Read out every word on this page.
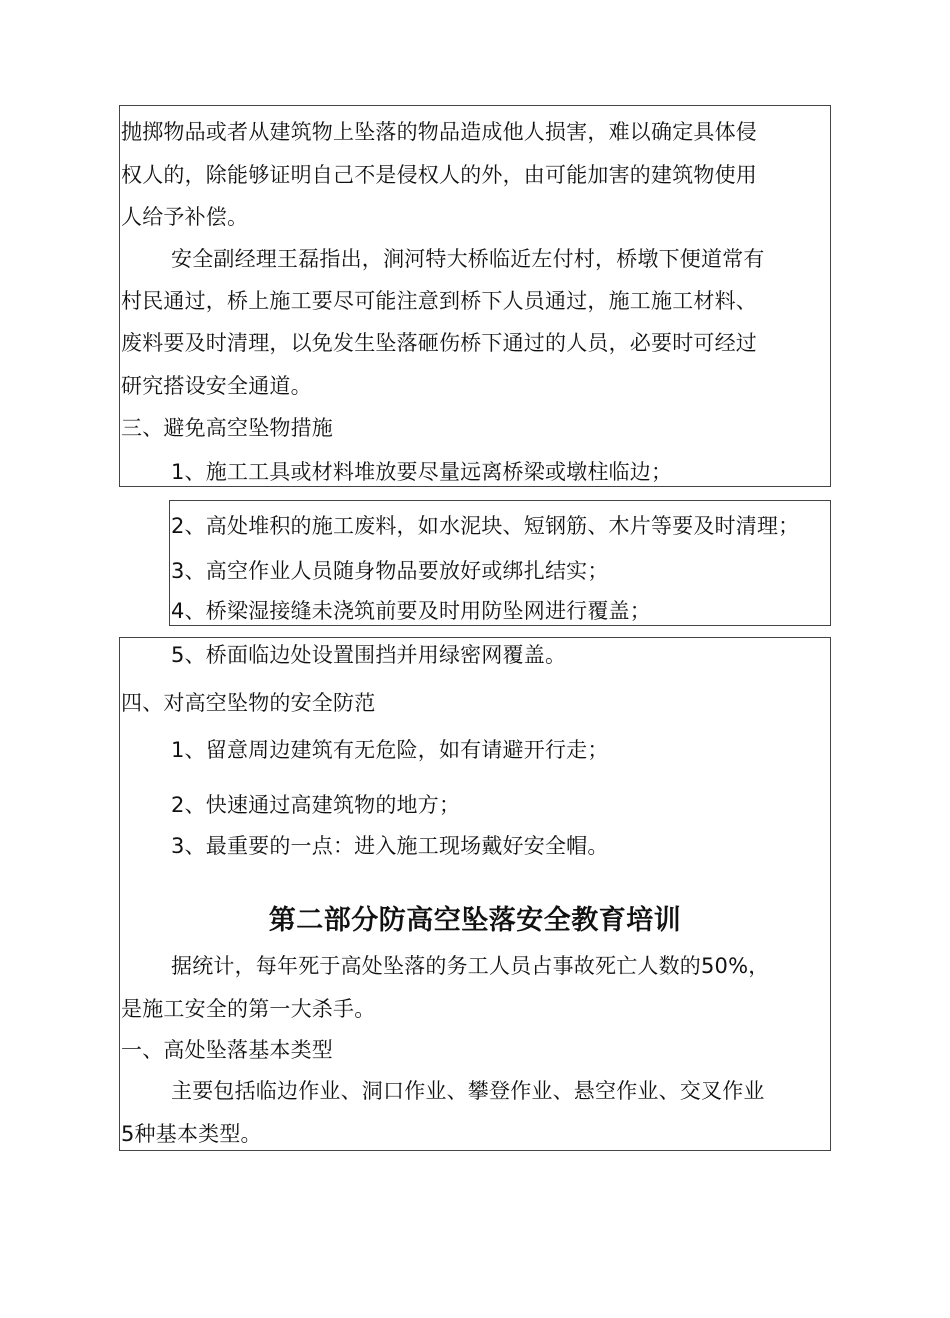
抛掷物品或者从建筑物上坠落的物品造成他人损害，难以确定具体侵

权人的，除能够证明自己不是侵权人的外，由可能加害的建筑物使用

人给予补偿。

安全副经理王磊指出，涧河特大桥临近左付村，桥墩下便道常有

村民通过，桥上施工要尽可能注意到桥下人员通过，施工施工材料、

废料要及时清理，以免发生坠落砸伤桥下通过的人员，必要时可经过

研究搭设安全通道。

三、避免高空坠物措施

1、施工工具或材料堆放要尽量远离桥梁或墩柱临边；

2、高处堆积的施工废料，如水泥块、短钢筋、木片等要及时清理；

3、高空作业人员随身物品要放好或绑扎结实；

4、桥梁湿接缝未浇筑前要及时用防坠网进行覆盖；

5、桥面临边处设置围挡并用绿密网覆盖。

四、对高空坠物的安全防范

1、留意周边建筑有无危险，如有请避开行走；

2、快速通过高建筑物的地方；

3、最重要的一点：进入施工现场戴好安全帽。

第二部分防高空坠落安全教育培训

据统计，每年死于高处坠落的务工人员占事故死亡人数的50%，

是施工安全的第一大杀手。

一、高处坠落基本类型

主要包括临边作业、洞口作业、攀登作业、悬空作业、交叉作业

5种基本类型。
